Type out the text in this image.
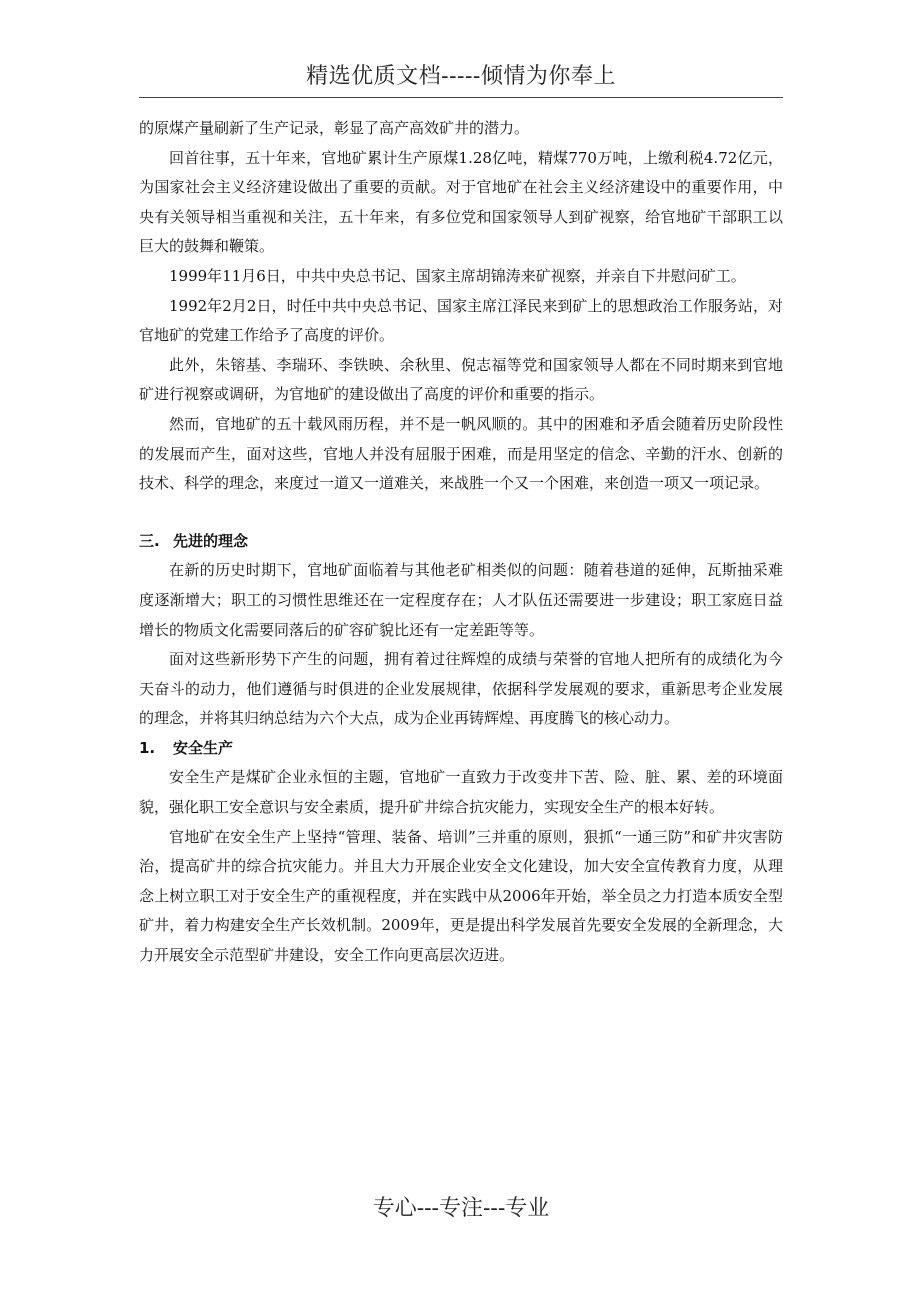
精选优质文档-----倾情为你奉上

的原煤产量刷新了生产记录，彰显了高产高效矿井的潜力。

回首往事，五十年来，官地矿累计生产原煤1.28亿吨，精煤770万吨，上缴利税4.72亿元，为国家社会主义经济建设做出了重要的贡献。对于官地矿在社会主义经济建设中的重要作用，中央有关领导相当重视和关注，五十年来，有多位党和国家领导人到矿视察，给官地矿干部职工以巨大的鼓舞和鞭策。

1999年11月6日，中共中央总书记、国家主席胡锦涛来矿视察，并亲自下井慰问矿工。

1992年2月2日，时任中共中央总书记、国家主席江泽民来到矿上的思想政治工作服务站，对官地矿的党建工作给予了高度的评价。

此外，朱镕基、李瑞环、李铁映、余秋里、倪志福等党和国家领导人都在不同时期来到官地矿进行视察或调研，为官地矿的建设做出了高度的评价和重要的指示。

然而，官地矿的五十载风雨历程，并不是一帆风顺的。其中的困难和矛盾会随着历史阶段性的发展而产生，面对这些，官地人并没有屈服于困难，而是用坚定的信念、辛勤的汗水、创新的技术、科学的理念，来度过一道又一道难关，来战胜一个又一个困难，来创造一项又一项记录。

三. 先进的理念

在新的历史时期下，官地矿面临着与其他老矿相类似的问题：随着巷道的延伸，瓦斯抽采难度逐渐增大；职工的习惯性思维还在一定程度存在；人才队伍还需要进一步建设；职工家庭日益增长的物质文化需要同落后的矿容矿貌比还有一定差距等等。

面对这些新形势下产生的问题，拥有着过往辉煌的成绩与荣誉的官地人把所有的成绩化为今天奋斗的动力，他们遵循与时俱进的企业发展规律，依据科学发展观的要求，重新思考企业发展的理念，并将其归纳总结为六个大点，成为企业再铸辉煌、再度腾飞的核心动力。

1. 安全生产

安全生产是煤矿企业永恒的主题，官地矿一直致力于改变井下苦、险、脏、累、差的环境面貌，强化职工安全意识与安全素质，提升矿井综合抗灾能力，实现安全生产的根本好转。

官地矿在安全生产上坚持“管理、装备、培训”三并重的原则，狠抓“一通三防”和矿井灾害防治，提高矿井的综合抗灾能力。并且大力开展企业安全文化建设，加大安全宣传教育力度，从理念上树立职工对于安全生产的重视程度，并在实践中从2006年开始，举全员之力打造本质安全型矿井，着力构建安全生产长效机制。2009年，更是提出科学发展首先要安全发展的全新理念，大力开展安全示范型矿井建设，安全工作向更高层次迈进。

专心---专注---专业
